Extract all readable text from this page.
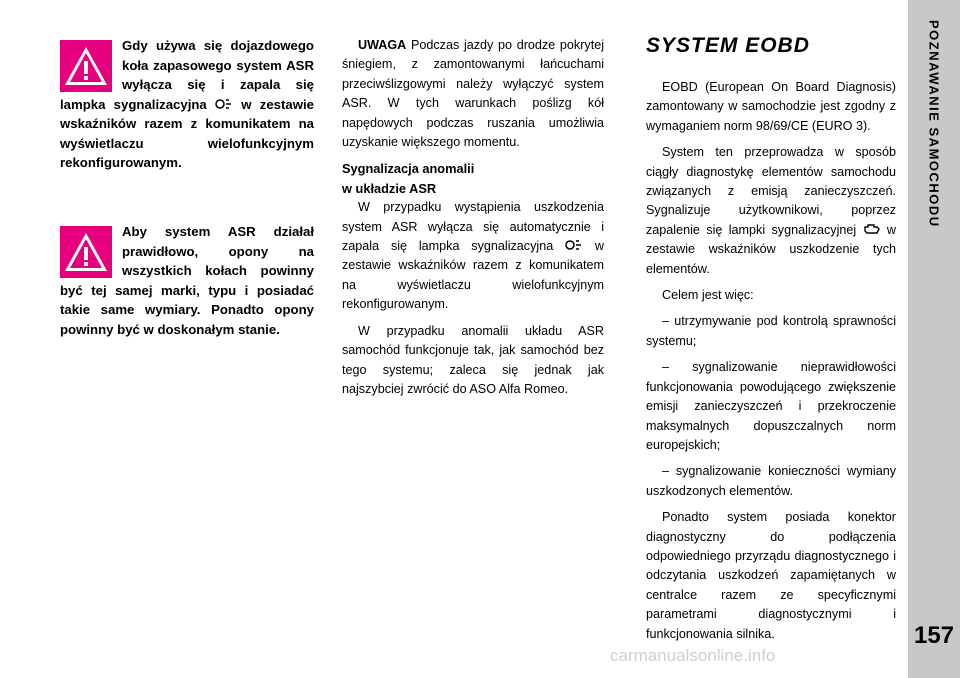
POZNAWANIE SAMOCHODU
157
Gdy używa się dojazdowego koła zapasowego system ASR wyłącza się i zapala się lampka sygnalizacyjna	w zestawie wskaźników razem z komunikatem na wyświetlaczu wielofunkcyjnym rekonfigurowanym.
Aby system ASR działał prawidłowo, opony na wszystkich kołach powinny być tej samej marki, typu i posiadać takie same wymiary. Ponadto opony powinny być w doskonałym stanie.

UWAGA Podczas jazdy po drodze pokrytej śniegiem, z zamontowanymi łańcuchami przeciwślizgowymi należy wyłączyć system ASR. W tych warunkach poślizg kół napędowych podczas ruszania umożliwia uzyskanie większego momentu.

Sygnalizacja anomalii
w układzie ASR

W przypadku wystąpienia uszkodzenia system ASR wyłącza się automatycznie i zapala się lampka sygnalizacyjna	w zestawie wskaźników razem z komunikatem na wyświetlaczu wielofunkcyjnym rekonfigurowanym.

W przypadku anomalii układu ASR samochód funkcjonuje tak, jak samochód bez tego systemu; zaleca się jednak jak najszybciej zwrócić do ASO Alfa Romeo.

SYSTEM EOBD

EOBD (European On Board Diagnosis) zamontowany w samochodzie jest zgodny z wymaganiem norm 98/69/CE (EURO 3).

System ten przeprowadza w sposób ciągły diagnostykę elementów samochodu związanych z emisją zanieczyszczeń. Sygnalizuje użytkownikowi, poprzez zapalenie się lampki sygnalizacyjnej w zestawie wskaźników uszkodzenie tych elementów.

Celem jest więc:

– utrzymywanie pod kontrolą sprawności systemu;

– sygnalizowanie nieprawidłowości funkcjonowania powodującego zwiększenie emisji zanieczyszczeń i przekroczenie maksymalnych dopuszczalnych norm europejskich;

– sygnalizowanie konieczności wymiany uszkodzonych elementów.

Ponadto system posiada konektor diagnostyczny do podłączenia odpowiedniego przyrządu diagnostycznego i odczytania uszkodzeń zapamiętanych w centralce razem ze specyficznymi parametrami diagnostycznymi i funkcjonowania silnika.

carmanualsonline.info
